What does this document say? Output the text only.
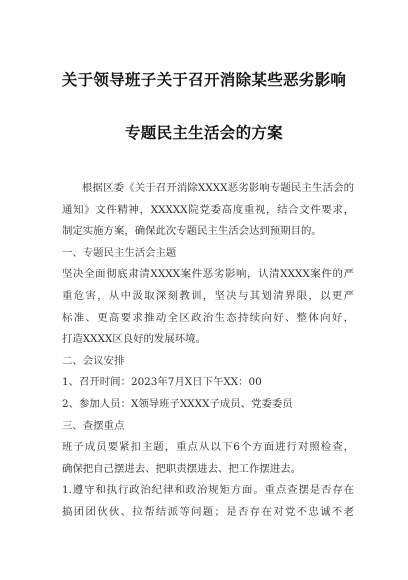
关于领导班子关于召开消除某些恶劣影响
专题民主生活会的方案
根据区委《关于召开消除XXXX恶劣影响专题民主生活会的
通知》文件精神，XXXXX院党委高度重视，结合文件要求，
制定实施方案，确保此次专题民主生活会达到预期目的。
一、专题民主生活会主题
坚决全面彻底肃清XXXX案件恶劣影响，认清XXXX案件的严
重危害，从中汲取深刻教训，坚决与其划清界限，以更严
标准、更高要求推动全区政治生态持续向好、整体向好，
打造XXXX区良好的发展环境。
二、会议安排
1、召开时间：2023年7月X日下午XX：00
2、参加人员：X领导班子XXXX子成员、党委委员
三、查摆重点
班子成员要紧扣主题，重点从以下6个方面进行对照检查，
确保把自己摆进去、把职责摆进去、把工作摆进去。
1.遵守和执行政治纪律和政治规矩方面。重点查摆是否存在
搞团团伙伙、拉帮结派等问题；是否存在对党不忠诚不老
